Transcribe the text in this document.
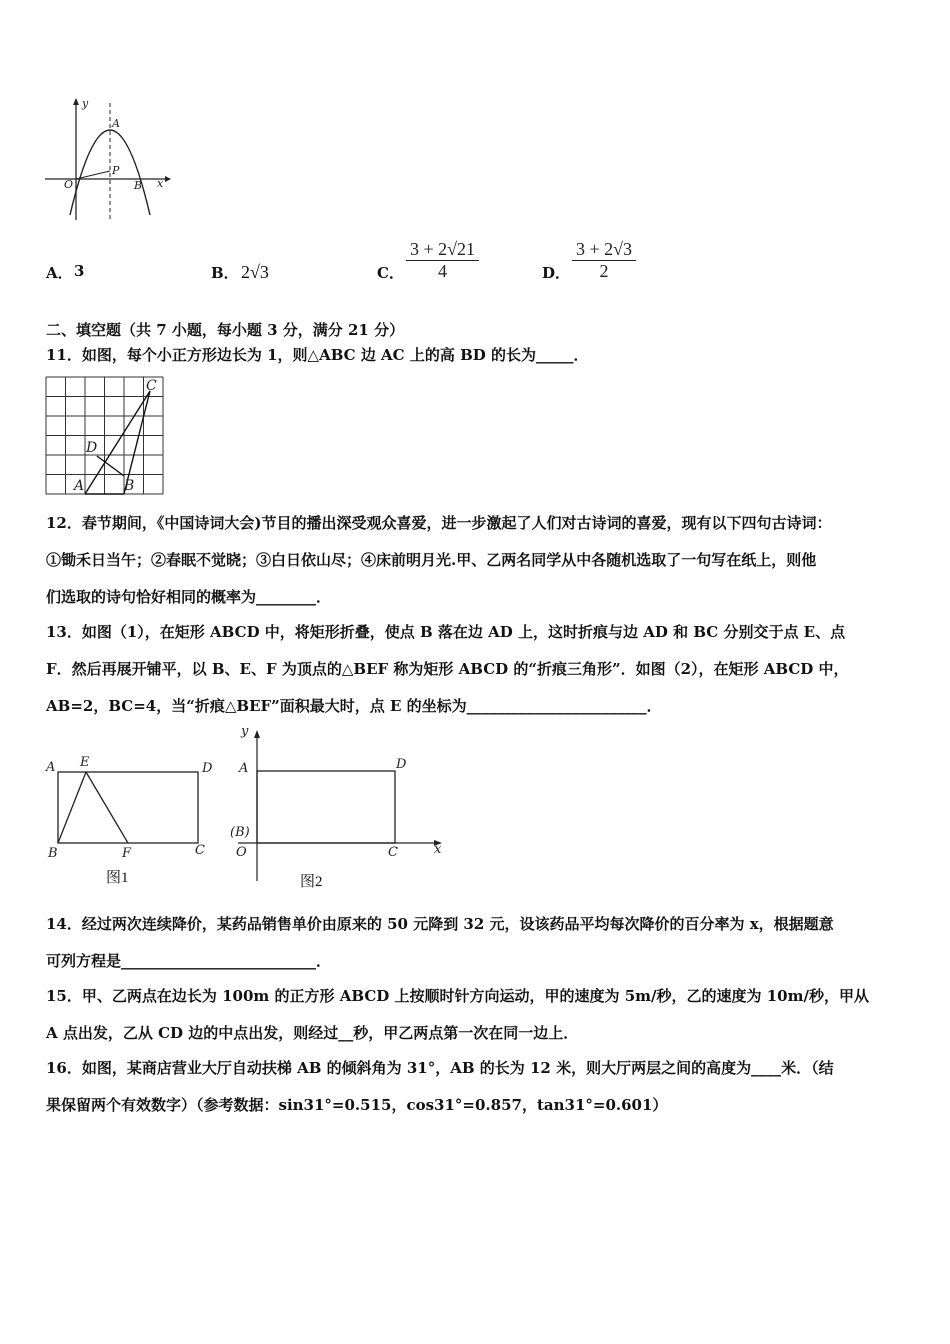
y
A
P
O	B x
A． 3	B． 2√3	C． $\frac{3 + 2√21}{4}$	D． $\frac{3 + 2√3}{2}$
二、填空题（共 7 小题，每小题 3 分，满分 21 分）
11．如图，每个小正方形边长为 1，则△ABC 边 AC 上的高 BD 的长为_____．
C
D
A	B
12．春节期间，《中国诗词大会)节目的播出深受观众喜爱，进一步激起了人们对古诗词的喜爱，现有以下四句古诗词：
①锄禾日当午；②春眠不觉晓；③白日依山尽；④床前明月光.甲、乙两名同学从中各随机选取了一句写在纸上，则他
们选取的诗句恰好相同的概率为________．
13．如图（1），在矩形 ABCD 中，将矩形折叠，使点 B 落在边 AD 上，这时折痕与边 AD 和 BC 分别交于点 E、点
F．然后再展开铺平，以 B、E、F 为顶点的△BEF 称为矩形 ABCD 的“折痕三角形”．如图（2），在矩形 ABCD 中，
AB=2，BC=4，当“折痕△BEF”面积最大时，点 E 的坐标为________________________．
A E	D
B	F	C
图1
y
A	D
(B)
O	C	x
图2
14．经过两次连续降价，某药品销售单价由原来的 50 元降到 32 元，设该药品平均每次降价的百分率为 x，根据题意
可列方程是__________________________．
15．甲、乙两点在边长为 100m 的正方形 ABCD 上按顺时针方向运动，甲的速度为 5m/秒，乙的速度为 10m/秒，甲从
A 点出发，乙从 CD 边的中点出发，则经过__秒，甲乙两点第一次在同一边上．
16．如图，某商店营业大厅自动扶梯 AB 的倾斜角为 31°，AB 的长为 12 米，则大厅两层之间的高度为____米．（结
果保留两个有效数字）（参考数据：sin31°=0.515，cos31°=0.857，tan31°=0.601）
